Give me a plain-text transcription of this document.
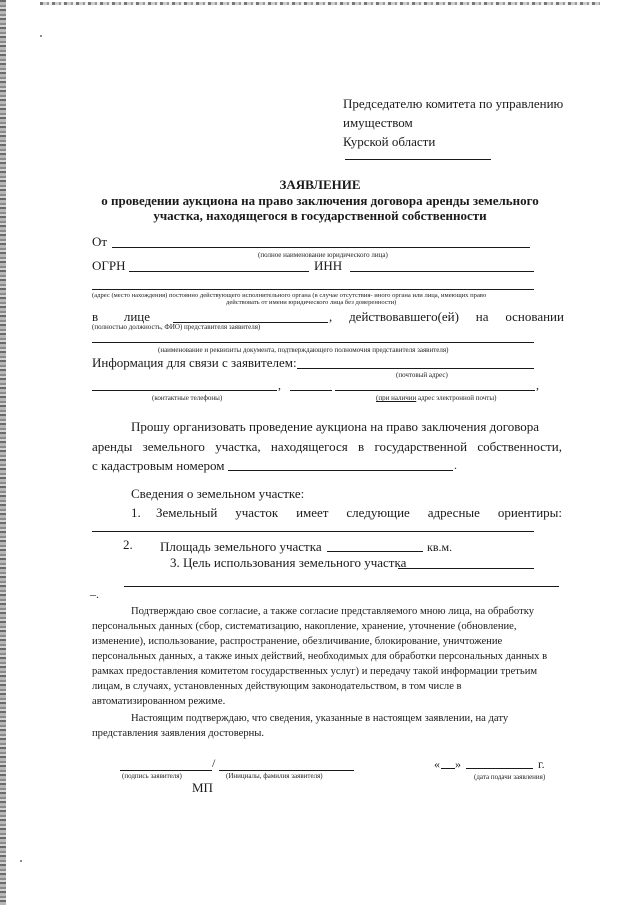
Председателю комитета по управлению
имуществом
Курской области
ЗАЯВЛЕНИЕ
о проведении аукциона на право заключения договора аренды земельного
участка, находящегося в государственной собственности
От
(полное наименование юридического лица)
ОГРН	ИНН
(адрес (место нахождения) постоянно действующего исполнительного органа (в случае отсутствия- иного органа или лица, имеющих право
действовать от имени юридического лица без доверенности)
в лице	, действовавшего(ей) на основании
(полностью должность, ФИО) представителя заявителя)
(наименование и реквизиты документа, подтверждающего полномочия представителя заявителя)
Информация для связи с заявителем:
(почтовый адрес)
,	,
(контактные телефоны)	(при наличии адрес электронной почты)
Прошу организовать проведение аукциона на право заключения договора
аренды земельного участка, находящегося в государственной собственности,
с кадастровым номером	.
Сведения о земельном участке:
1. Земельный участок имеет следующие адресные ориентиры:
2. Площадь земельного участка	кв.м.
3. Цель использования земельного участка
–.
Подтверждаю свое согласие, а также согласие представляемого мною лица, на обработку
персональных данных (сбор, систематизацию, накопление, хранение, уточнение (обновление,
изменение), использование, распространение, обезличивание, блокирование, уничтожение
персональных данных, а также иных действий, необходимых для обработки персональных данных в
рамках предоставления комитетом государственных услуг) и передачу такой информации третьим
лицам, в случаях, установленных действующим законодательством, в том числе в
автоматизированном режиме.
Настоящим подтверждаю, что сведения, указанные в настоящем заявлении, на дату
представления заявления достоверны.
/
(подпись заявителя)	(Инициалы, фамилия заявителя)
« »	г.
(дата подачи заявления)
МП
